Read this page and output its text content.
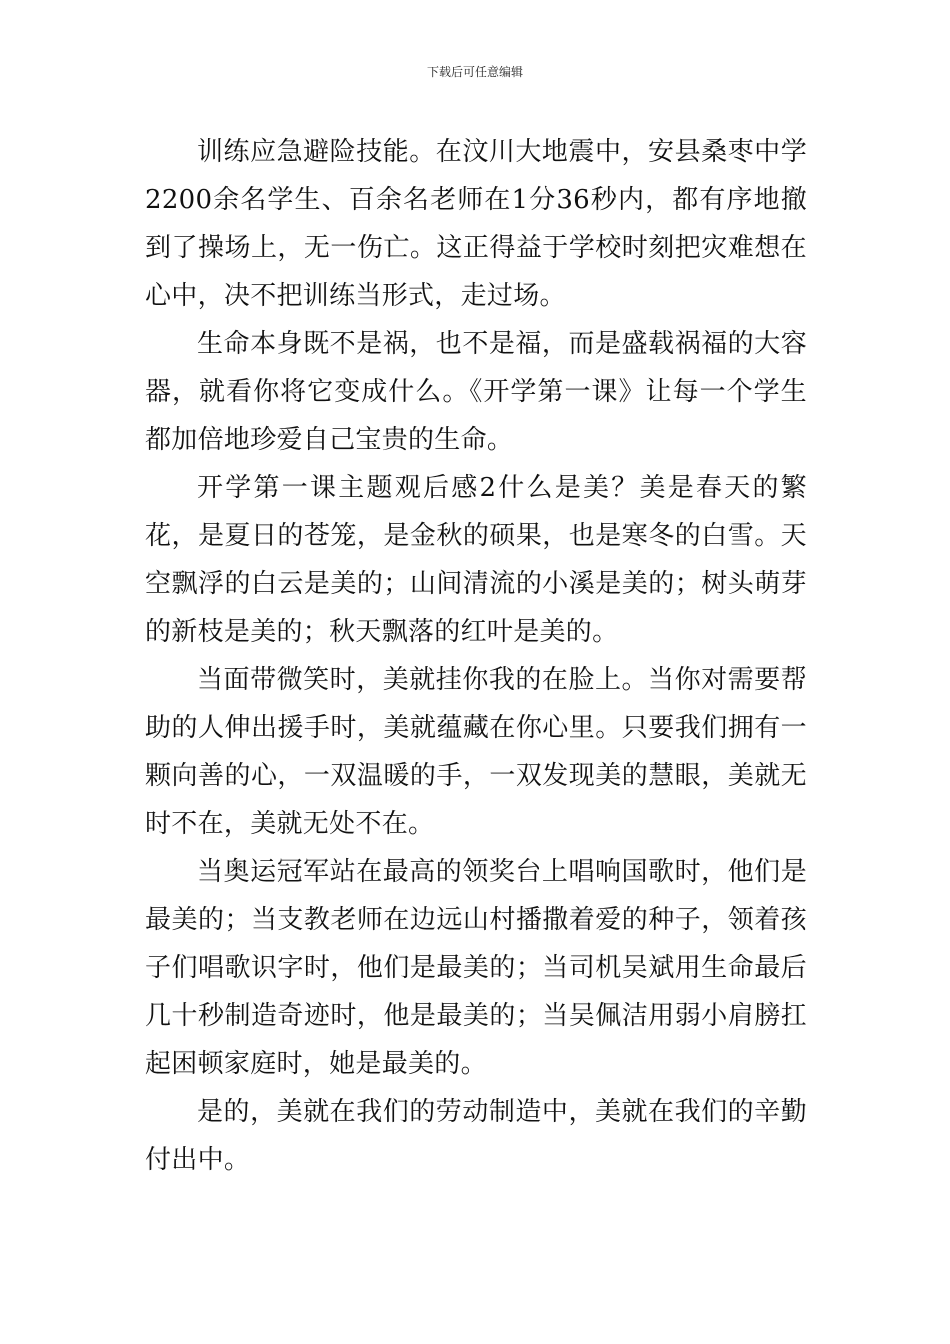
下载后可任意编辑

训练应急避险技能。在汶川大地震中，安县桑枣中学2200余名学生、百余名老师在1分36秒内，都有序地撤到了操场上，无一伤亡。这正得益于学校时刻把灾难想在心中，决不把训练当形式，走过场。

生命本身既不是祸，也不是福，而是盛载祸福的大容器，就看你将它变成什么。《开学第一课》让每一个学生都加倍地珍爱自己宝贵的生命。

开学第一课主题观后感2什么是美？美是春天的繁花，是夏日的苍笼，是金秋的硕果，也是寒冬的白雪。天空飘浮的白云是美的；山间清流的小溪是美的；树头萌芽的新枝是美的；秋天飘落的红叶是美的。

当面带微笑时，美就挂你我的在脸上。当你对需要帮助的人伸出援手时，美就蕴藏在你心里。只要我们拥有一颗向善的心，一双温暖的手，一双发现美的慧眼，美就无时不在，美就无处不在。

当奥运冠军站在最高的领奖台上唱响国歌时，他们是最美的；当支教老师在边远山村播撒着爱的种子，领着孩子们唱歌识字时，他们是最美的；当司机吴斌用生命最后几十秒制造奇迹时，他是最美的；当吴佩洁用弱小肩膀扛起困顿家庭时，她是最美的。

是的，美就在我们的劳动制造中，美就在我们的辛勤付出中。
